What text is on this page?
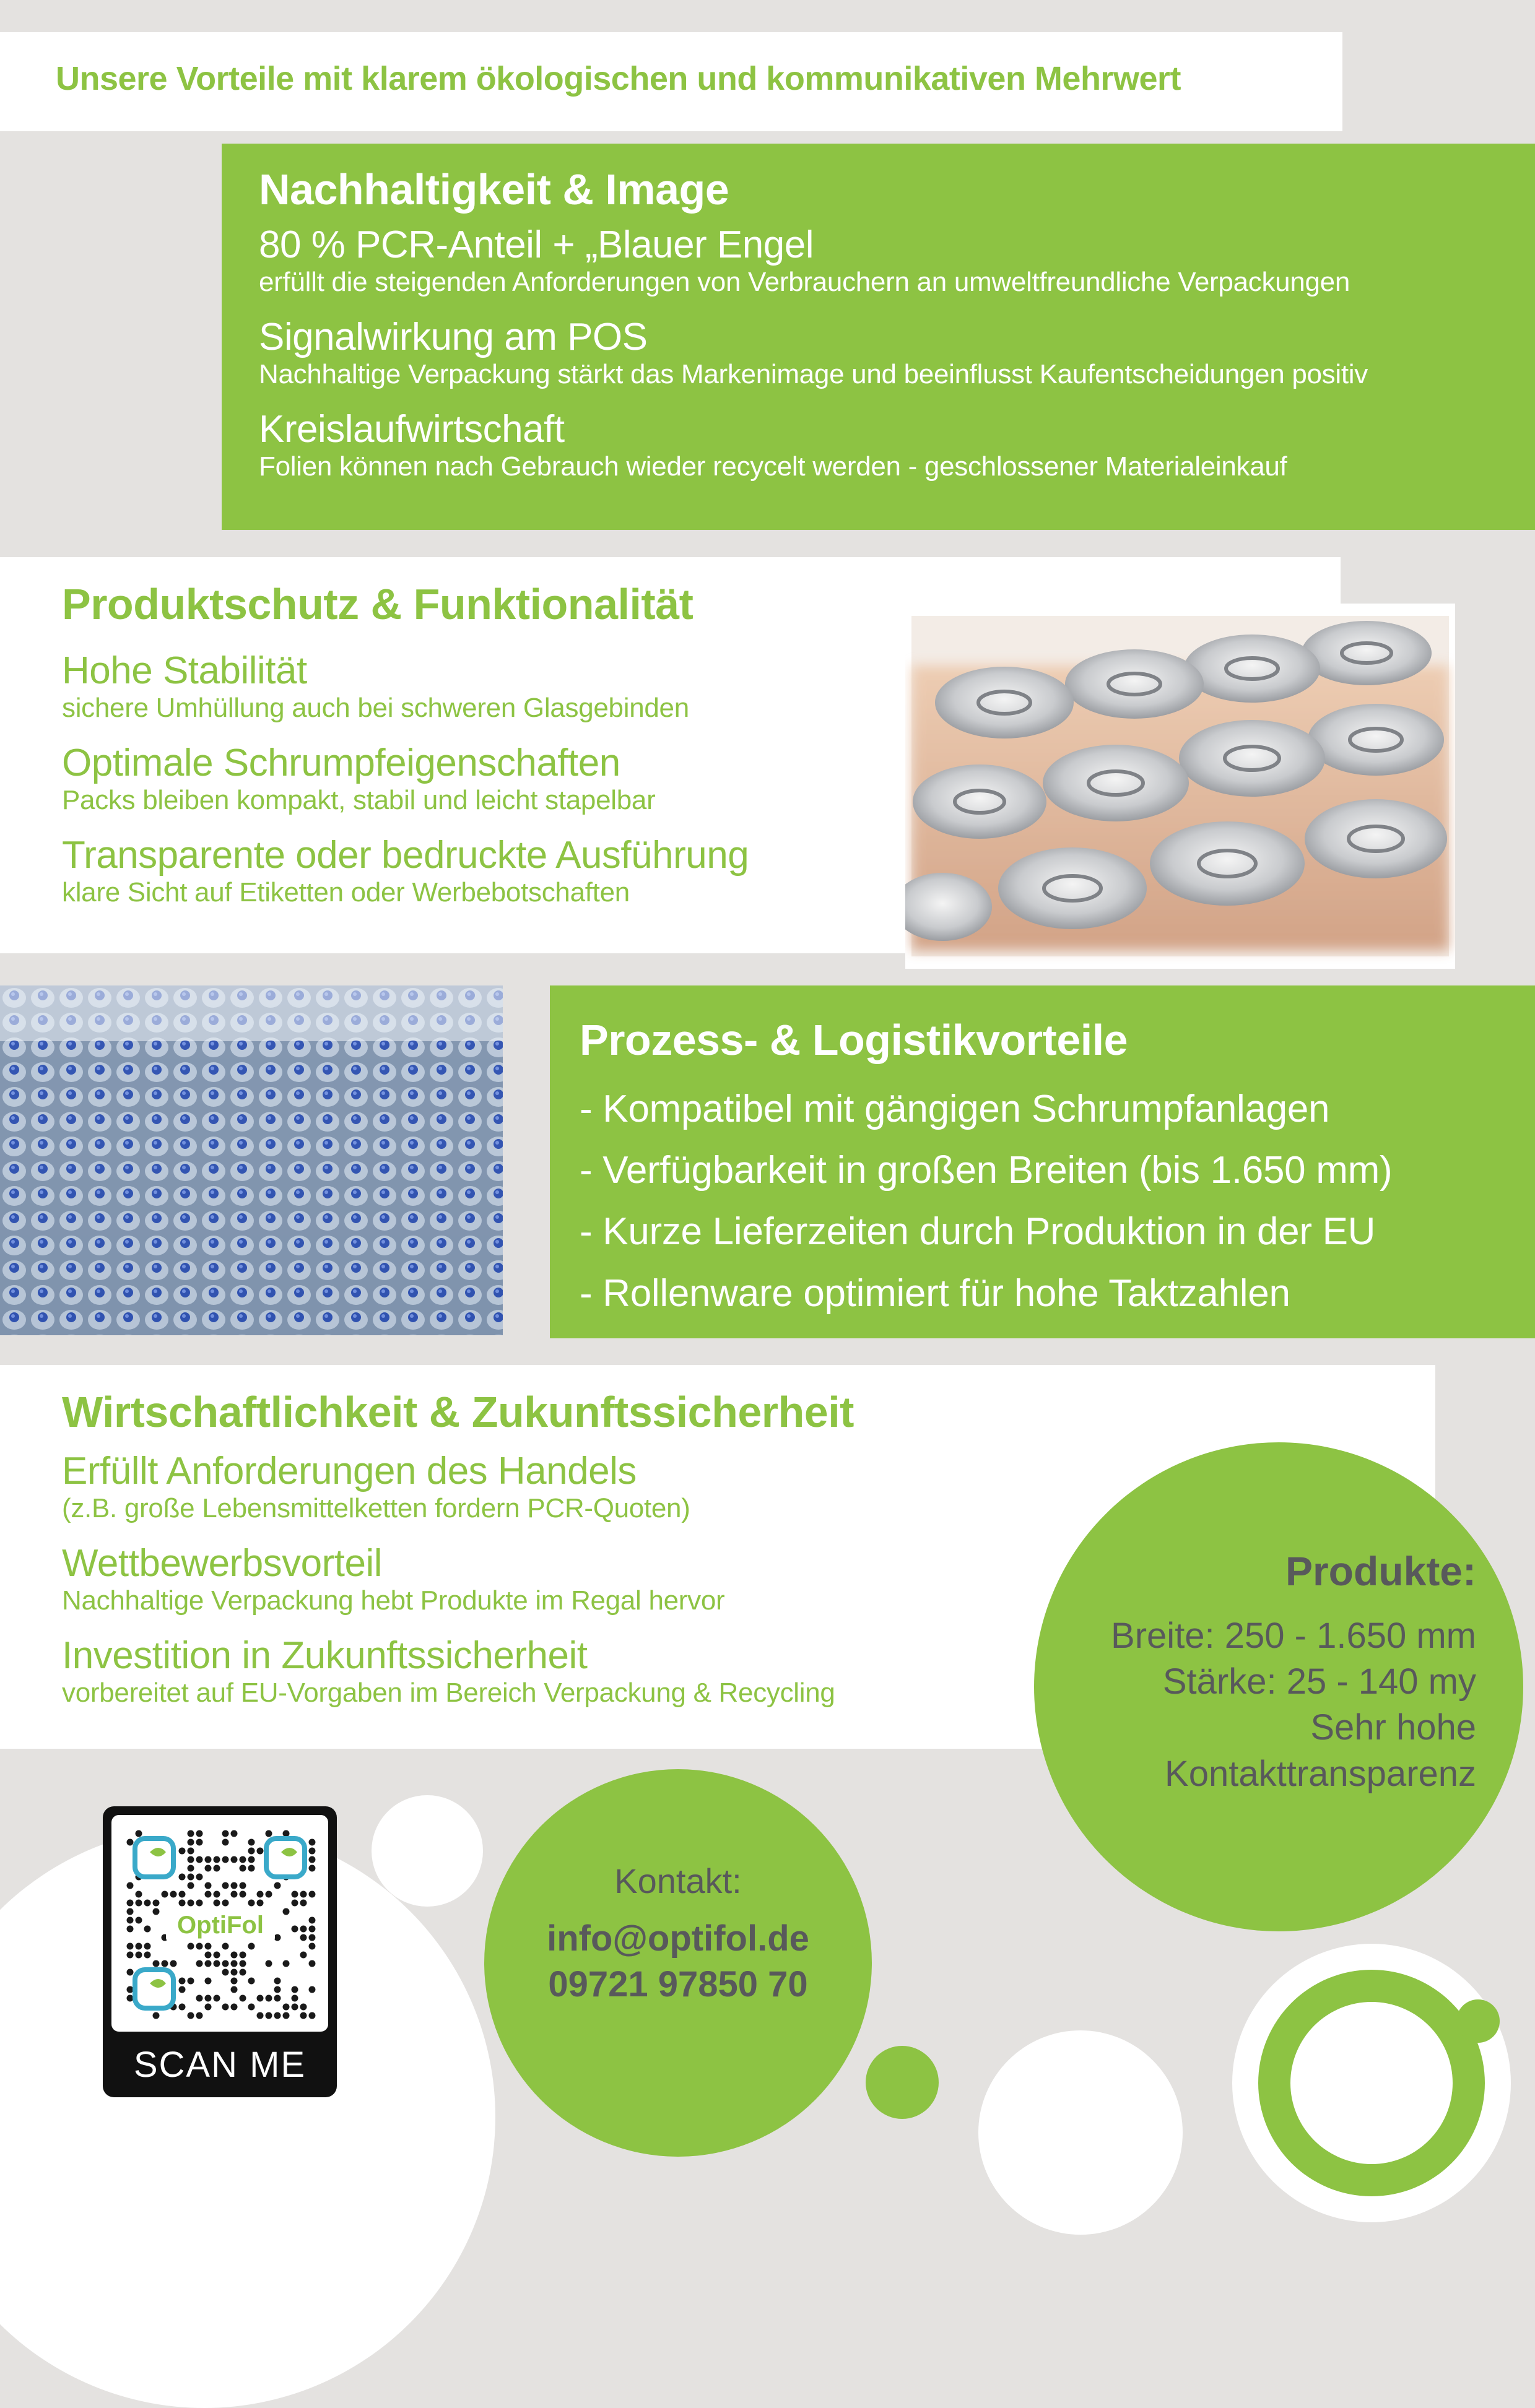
Unsere Vorteile mit klarem ökologischen und kommunikativen Mehrwert
Nachhaltigkeit & Image
80 % PCR-Anteil + „Blauer Engel
erfüllt die steigenden Anforderungen von Verbrauchern an umweltfreundliche Verpackungen
Signalwirkung am POS
Nachhaltige Verpackung stärkt das Markenimage und beeinflusst Kaufentscheidungen positiv
Kreislaufwirtschaft
Folien können nach Gebrauch wieder recycelt werden - geschlossener Materialeinkauf
Produktschutz & Funktionalität
Hohe Stabilität
sichere Umhüllung auch bei schweren Glasgebinden
Optimale Schrumpfeigenschaften
Packs bleiben kompakt, stabil und leicht stapelbar
Transparente oder bedruckte Ausführung
klare Sicht auf Etiketten oder Werbebotschaften
Prozess- & Logistikvorteile
- Kompatibel mit gängigen Schrumpfanlagen
- Verfügbarkeit in großen Breiten (bis 1.650 mm)
- Kurze Lieferzeiten durch Produktion in der EU
- Rollenware optimiert für hohe Taktzahlen
Wirtschaftlichkeit & Zukunftssicherheit
Erfüllt Anforderungen des Handels
(z.B. große Lebensmittelketten fordern PCR-Quoten)
Wettbewerbsvorteil
Nachhaltige Verpackung hebt Produkte im Regal hervor
Investition in Zukunftssicherheit
vorbereitet auf EU-Vorgaben im Bereich Verpackung & Recycling
Produkte:
Breite: 250 - 1.650 mm
Stärke: 25 - 140 my
Sehr hohe
Kontakttransparenz
Kontakt:
info@optifol.de
09721 97850 70
OptiFol
SCAN ME
